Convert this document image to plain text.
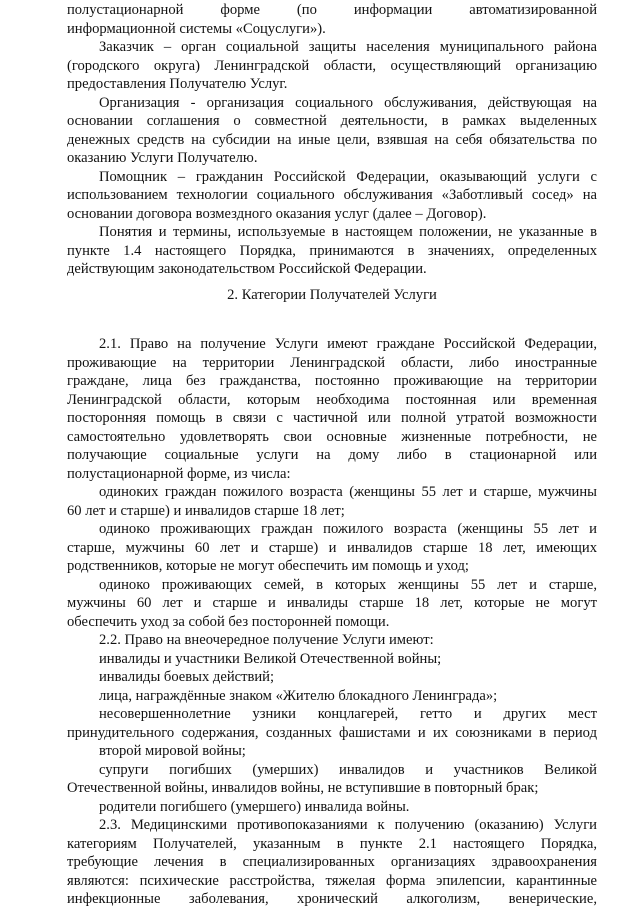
полустационарной форме (по информации автоматизированной
информационной системы «Соцуслуги»).
Заказчик – орган социальной защиты населения муниципального района
(городского округа) Ленинградской области, осуществляющий организацию
предоставления Получателю Услуг.
Организация - организация социального обслуживания, действующая на
основании соглашения о совместной деятельности, в рамках выделенных
денежных средств на субсидии на иные цели, взявшая на себя обязательства по
оказанию Услуги Получателю.
Помощник – гражданин Российской Федерации, оказывающий услуги с
использованием технологии социального обслуживания «Заботливый сосед» на
основании договора возмездного оказания услуг (далее – Договор).
Понятия и термины, используемые в настоящем положении, не указанные в
пункте 1.4 настоящего Порядка, принимаются в значениях, определенных
действующим законодательством Российской Федерации.
2. Категории Получателей Услуги
2.1. Право на получение Услуги имеют граждане Российской Федерации,
проживающие на территории Ленинградской области, либо иностранные
граждане, лица без гражданства, постоянно проживающие на территории
Ленинградской области, которым необходима постоянная или временная
посторонняя помощь в связи с частичной или полной утратой возможности
самостоятельно удовлетворять свои основные жизненные потребности, не
получающие социальные услуги на дому либо в стационарной или
полустационарной форме, из числа:
одиноких граждан пожилого возраста (женщины 55 лет и старше, мужчины
60 лет и старше) и инвалидов старше 18 лет;
одиноко проживающих граждан пожилого возраста (женщины 55 лет и
старше, мужчины 60 лет и старше) и инвалидов старше 18 лет, имеющих
родственников, которые не могут обеспечить им помощь и уход;
одиноко проживающих семей, в которых женщины 55 лет и старше,
мужчины 60 лет и старше и инвалиды старше 18 лет, которые не могут
обеспечить уход за собой без посторонней помощи.
2.2. Право на внеочередное получение Услуги имеют:
инвалиды и участники Великой Отечественной войны;
инвалиды боевых действий;
лица, награждённые знаком «Жителю блокадного Ленинграда»;
несовершеннолетние узники концлагерей, гетто и других мест
принудительного содержания, созданных фашистами и их союзниками в период
второй мировой войны;
супруги погибших (умерших) инвалидов и участников Великой
Отечественной войны, инвалидов войны, не вступившие в повторный брак;
родители погибшего (умершего) инвалида войны.
2.3. Медицинскими противопоказаниями к получению (оказанию) Услуги
категориям Получателей, указанным в пункте 2.1 настоящего Порядка,
требующие лечения в специализированных организациях здравоохранения
являются: психические расстройства, тяжелая форма эпилепсии, карантинные
инфекционные заболевания, хронический алкоголизм, венерические,
